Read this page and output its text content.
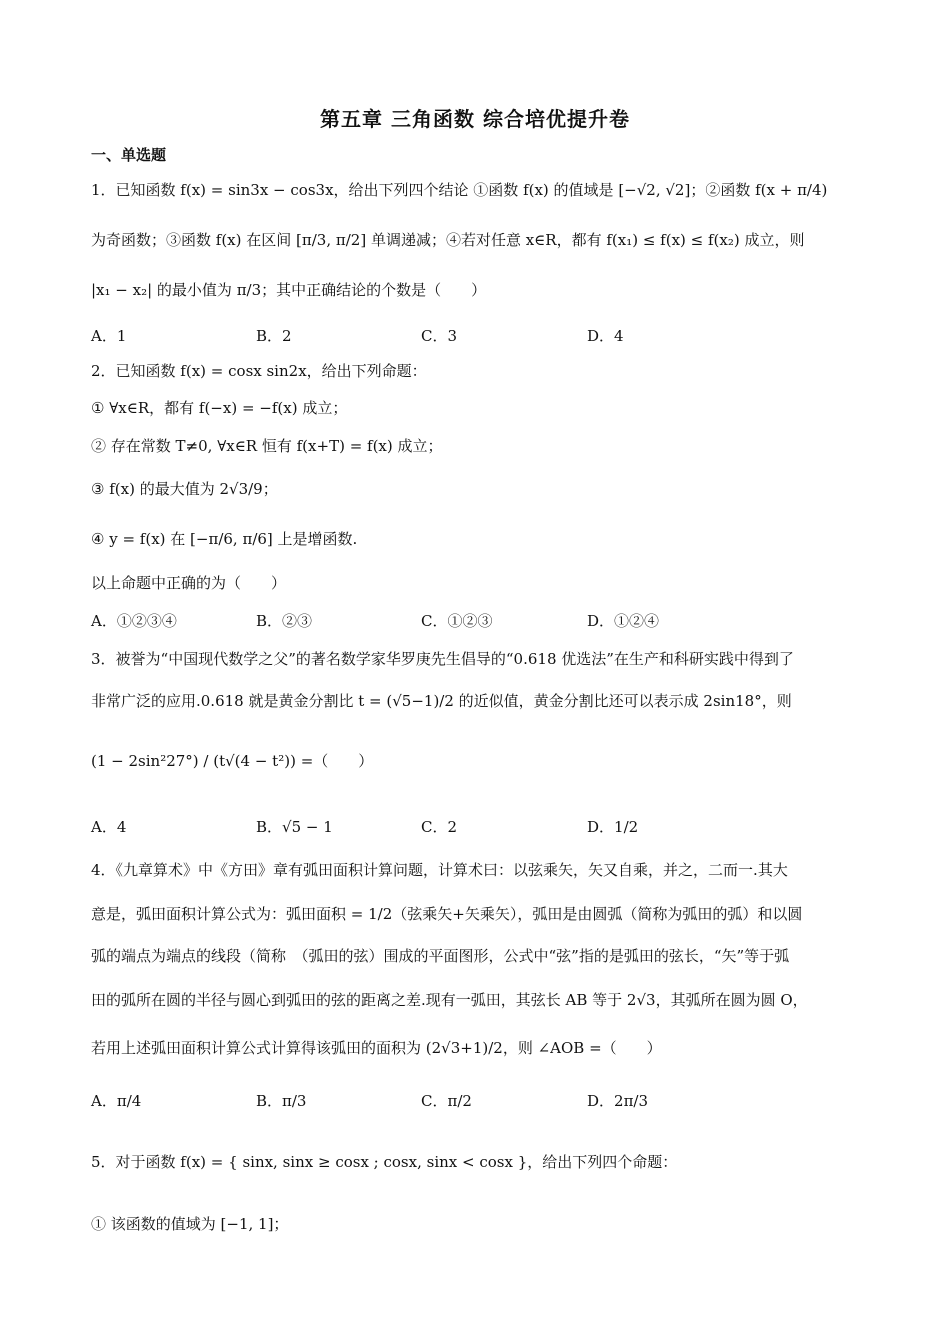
第五章 三角函数 综合培优提升卷
一、单选题
1．已知函数 f(x) = sin3x − cos3x，给出下列四个结论 ①函数 f(x) 的值域是 [−√2, √2]；②函数 f(x + π/4)
为奇函数；③函数 f(x) 在区间 [π/3, π/2] 单调递减；④若对任意 x∈R，都有 f(x₁) ≤ f(x) ≤ f(x₂) 成立，则
|x₁ − x₂| 的最小值为 π/3；其中正确结论的个数是（　　）
A．1	B．2	C．3	D．4
2．已知函数 f(x) = cosx sin2x，给出下列命题：
① ∀x∈R，都有 f(−x) = −f(x) 成立；
② 存在常数 T≠0, ∀x∈R 恒有 f(x+T) = f(x) 成立；
③ f(x) 的最大值为 2√3/9；
④ y = f(x) 在 [−π/6, π/6] 上是增函数.
以上命题中正确的为（　　）
A．①②③④	B．②③	C．①②③	D．①②④
3．被誉为“中国现代数学之父”的著名数学家华罗庚先生倡导的“0.618 优选法”在生产和科研实践中得到了
非常广泛的应用.0.618 就是黄金分割比 t = (√5−1)/2 的近似值，黄金分割比还可以表示成 2sin18°，则
(1 − 2sin²27°) / (t√(4 − t²)) =（　　）
A．4	B．√5 − 1	C．2	D．1/2
4．《九章算术》中《方田》章有弧田面积计算问题，计算术曰：以弦乘矢，矢又自乘，并之，二而一.其大
意是，弧田面积计算公式为：弧田面积 = 1/2（弦乘矢+矢乘矢），弧田是由圆弧（简称为弧田的弧）和以圆
弧的端点为端点的线段（简称　（弧田的弦）围成的平面图形，公式中“弦”指的是弧田的弦长，“矢”等于弧
田的弧所在圆的半径与圆心到弧田的弦的距离之差.现有一弧田，其弦长 AB 等于 2√3，其弧所在圆为圆 O，
若用上述弧田面积计算公式计算得该弧田的面积为 (2√3+1)/2，则 ∠AOB =（　　）
A．π/4	B．π/3	C．π/2	D．2π/3
5．对于函数 f(x) = { sinx, sinx ≥ cosx ; cosx, sinx < cosx }，给出下列四个命题：
① 该函数的值域为 [−1, 1]；
